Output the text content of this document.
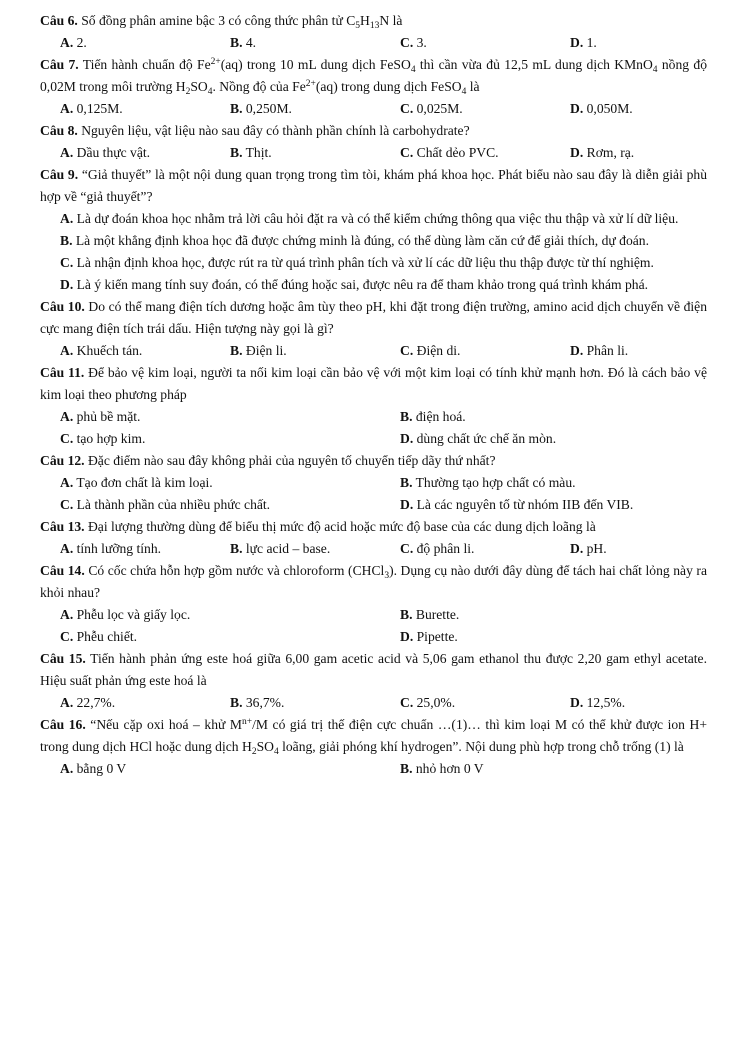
Câu 6. Số đồng phân amine bậc 3 có công thức phân tử $C_5H_{13}N$ là

A. 2.	B. 4.	C. 3.	D. 1.

Câu 7. Tiến hành chuẩn độ $Fe^{2+}(aq)$ trong 10 mL dung dịch FeSO$_4$ thì cần vừa đủ 12,5 mL dung dịch KMnO$_4$ nồng độ 0,02M trong môi trường $H_2SO_4$. Nồng độ của $Fe^{2+}(aq)$ trong dung dịch FeSO$_4$ là

A. 0,125M.	B. 0,250M.	C. 0,025M.	D. 0,050M.

Câu 8. Nguyên liệu, vật liệu nào sau đây có thành phần chính là carbohydrate?

A. Dầu thực vật.	B. Thịt.	C. Chất dẻo PVC.	D. Rơm, rạ.

Câu 9. “Giả thuyết” là một nội dung quan trọng trong tìm tòi, khám phá khoa học. Phát biểu nào sau đây là diễn giải phù hợp về “giả thuyết”?

A. Là dự đoán khoa học nhằm trả lời câu hỏi đặt ra và có thể kiểm chứng thông qua việc thu thập và xử lí dữ liệu.
B. Là một khẳng định khoa học đã được chứng minh là đúng, có thể dùng làm căn cứ để giải thích, dự đoán.
C. Là nhận định khoa học, được rút ra từ quá trình phân tích và xử lí các dữ liệu thu thập được từ thí nghiệm.
D. Là ý kiến mang tính suy đoán, có thể đúng hoặc sai, được nêu ra để tham khảo trong quá trình khám phá.

Câu 10. Do có thể mang điện tích dương hoặc âm tùy theo pH, khi đặt trong điện trường, amino acid dịch chuyển về điện cực mang điện tích trái dấu. Hiện tượng này gọi là gì?

A. Khuếch tán.	B. Điện li.	C. Điện di.	D. Phân li.

Câu 11. Để bảo vệ kim loại, người ta nối kim loại cần bảo vệ với một kim loại có tính khử mạnh hơn. Đó là cách bảo vệ kim loại theo phương pháp

A. phủ bề mặt.	B. điện hoá.
C. tạo hợp kim.	D. dùng chất ức chế ăn mòn.

Câu 12. Đặc điểm nào sau đây không phải của nguyên tố chuyển tiếp dãy thứ nhất?

A. Tạo đơn chất là kim loại.	B. Thường tạo hợp chất có màu.
C. Là thành phần của nhiều phức chất.	D. Là các nguyên tố từ nhóm IIB đến VIB.

Câu 13. Đại lượng thường dùng để biểu thị mức độ acid hoặc mức độ base của các dung dịch loãng là

A. tính lưỡng tính.	B. lực acid – base.	C. độ phân li.	D. pH.

Câu 14. Có cốc chứa hỗn hợp gồm nước và chloroform (CHCl$_3$). Dụng cụ nào dưới đây dùng để tách hai chất lỏng này ra khỏi nhau?

A. Phễu lọc và giấy lọc.	B. Burette.
C. Phễu chiết.	D. Pipette.

Câu 15. Tiến hành phản ứng este hoá giữa 6,00 gam acetic acid và 5,06 gam ethanol thu được 2,20 gam ethyl acetate. Hiệu suất phản ứng este hoá là

A. 22,7%.	B. 36,7%.	C. 25,0%.	D. 12,5%.

Câu 16. “Nếu cặp oxi hoá – khử $M^{n+}/M$ có giá trị thế điện cực chuẩn …(1)… thì kim loại M có thể khử được ion H+ trong dung dịch HCl hoặc dung dịch $H_2SO_4$ loãng, giải phóng khí hydrogen”. Nội dung phù hợp trong chỗ trống (1) là

A. bằng 0 V	B. nhỏ hơn 0 V
